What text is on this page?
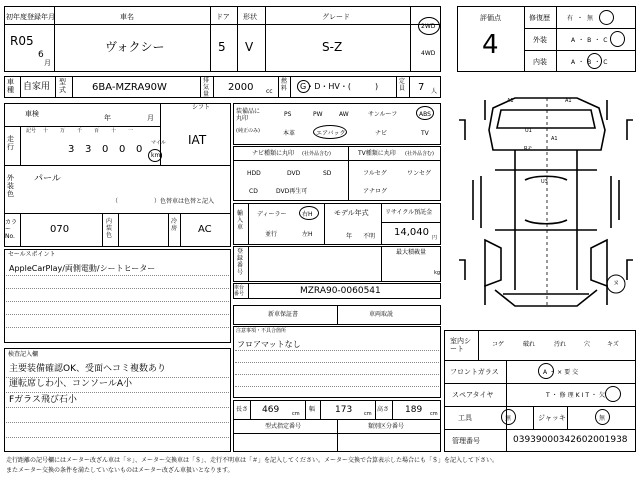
初年度登録年月
R05
6
月
車名
ヴォクシー
ドア
5
形状
V
グレード
S-Z
2WD
4WD
車種 自家用 型式	6BA-MZRA90W
排気量
2000 cc
燃料 G・D・HV・(　　　)
定員 7 人
車検	年	月
シフト
IAT
走行
記号 十 万 千 百 十 一
3 3 0 0 0
マイル
km
外装色
パール
（　　　　　　）色替車は色替と記入
カラーNo.
070
内装色
冷房 AC
セールスポイント
AppleCarPlay/両側電動/シートヒーター
検査記入欄
主要装備確認OK、受面ヘコミ複数あり
運転席しわ小、コンソールA小
Fガラス飛び石小
装備品に丸印
(純正のみ)
PS	PW	AW	サンルーフ	ABS
本革	エアバック	ナビ	TV
ナビ種類に丸印 (社外品含む)
HDD	DVD	SD
CD	DVD再生可
TV種類に丸印 (社外品含む)
フルセグ	ワンセグ
アナログ
輸入車
ディーラー
並行
右H
左H
モデル年式
年 不明
リサイクル預託金
14,040 円
登録番号
最大積載量
kg
車台番号	MZRA90-0060541
新車保証書	車両取説
注意事項・不具合箇所
フロアマットなし
長さ 469	cm
幅 173 cm
高さ 189 cm
型式指定番号	類別区分番号
評価点
4
修復歴	有・無
外装	A・B・C
内装	A・B・C
A1	A1
U1
A1
Rモ
U3
ヌ
室内シート
コゲ	破れ	汚れ	穴	キズ
フロントガラス	A・×要交
スペアタイヤ	T・修理KIT・欠
工具	無	ジャッキ	無
管理番号	03939000342602001938
走行距離の記号欄にはメーター改ざん車は「＊」、メーター交換車は「＄」、走行不明車は「＃」を記入してください。メーター交換で合算表示した場合にも「＄」を記入して下さい。
またメーター交換の条件を満たしていないものはメーター改ざん車扱いとなります。
